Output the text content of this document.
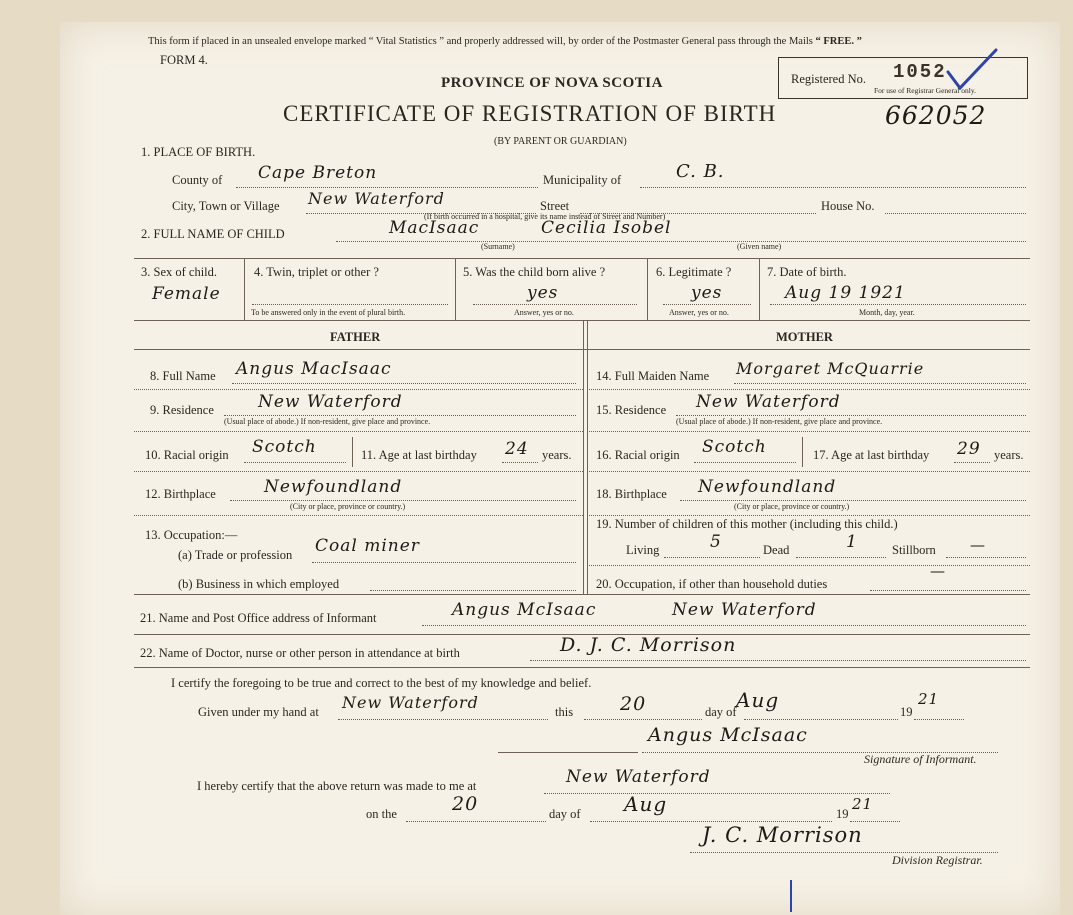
This form if placed in an unsealed envelope marked “ Vital Statistics ” and properly addressed will, by order of the Postmaster General pass through the Mails “ FREE. ”
FORM 4.
PROVINCE OF NOVA SCOTIA
CERTIFICATE OF REGISTRATION OF BIRTH	662052
(BY PARENT OR GUARDIAN)
Registered No. 1052
For use of Registrar General only.
1. PLACE OF BIRTH.
County of Cape Breton	Municipality of	C. B.
City, Town or Village New Waterford	Street	House No.
(If birth occurred in a hospital, give its name instead of Street and Number)
2. FULL NAME OF CHILD	MacIsaac	Cecilia Isobel
(Surname)	(Given name)
3. Sex of child.
Female
4. Twin, triplet or other ?
To be answered only in the event of plural birth.
5. Was the child born alive ?
yes
Answer, yes or no.
6. Legitimate ?
yes
Answer, yes or no.
7. Date of birth.
Aug 19 1921
Month, day, year.
FATHER	MOTHER
8. Full Name Angus MacIsaac
9. Residence	New Waterford
(Usual place of abode.) If non-resident, give place and province.
10. Racial origin Scotch	11. Age at last birthday 24 years.
12. Birthplace	Newfoundland
(City or place, province or country.)
13. Occupation:—
(a) Trade or profession Coal miner
(b) Business in which employed
14. Full Maiden Name Morgaret McQuarrie
15. Residence New Waterford
(Usual place of abode.) If non-resident, give place and province.
16. Racial origin Scotch	17. Age at last birthday 29 years.
18. Birthplace Newfoundland
(City or place, province or country.)
19. Number of children of this mother (including this child.)
Living	5	Dead	1	Stillborn —
20. Occupation, if other than household duties
—
21. Name and Post Office address of Informant	Angus McIsaac	New Waterford
22. Name of Doctor, nurse or other person in attendance at birth	D. J. C. Morrison
I certify the foregoing to be true and correct to the best of my knowledge and belief.
Given under my hand at New Waterford	this 20	day of Aug	19
21
Angus McIsaac
Signature of Informant.
I hereby certify that the above return was made to me at	New Waterford
on the	20	day of Aug	19
21
J. C. Morrison
Division Registrar.
